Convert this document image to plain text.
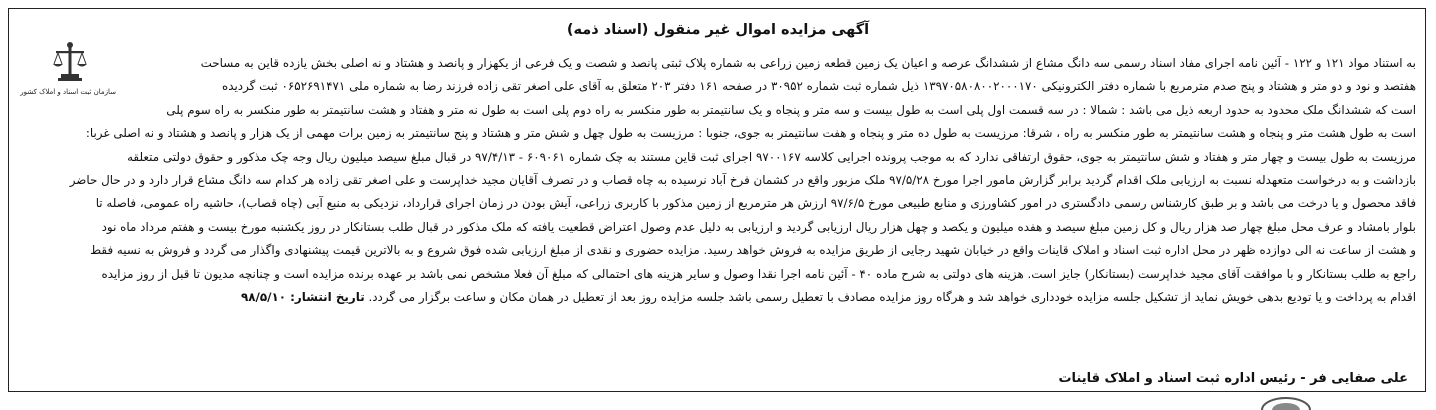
آگهی مزایده اموال غیر منقول (اسناد ذمه)
سازمان ثبت اسناد و املاک کشور
به استناد مواد ۱۲۱ و ۱۲۲ - آئین نامه اجرای مفاد اسناد رسمی سه دانگ مشاع از ششدانگ عرصه و اعیان یک زمین قطعه زمین زراعی به شماره پلاک ثبتی پانصد و شصت و یک فرعی از یکهزار و پانصد و هشتاد و نه اصلی بخش یازده قاین به مساحت
هفتصد و نود و دو متر و هشتاد و پنج صدم مترمربع با شماره دفتر الکترونیکی ۱۳۹۷۰۵۸۰۸۰۰۲۰۰۰۱۷۰ ذیل شماره ثبت شماره ۳۰۹۵۲ در صفحه ۱۶۱ دفتر ۲۰۳ متعلق به آقای علی اصغر تقی زاده فرزند رضا به شماره ملی ۰۶۵۲۶۹۱۴۷۱ ثبت گردیده
است که ششدانگ ملک محدود به حدود اربعه ذیل می باشد : شمالا : در سه قسمت اول پلی است به طول بیست و سه متر و پنجاه و یک سانتیمتر به طور منکسر به راه دوم پلی است به طول نه متر و هفتاد و هشت سانتیمتر به طور منکسر به راه سوم پلی
است به طول هشت متر و پنجاه و هشت سانتیمتر به طور منکسر به راه ، شرقا: مرزیست به طول ده متر و پنجاه و هفت سانتیمتر به جوی، جنوبا : مرزیست به طول چهل و شش متر و هشتاد و پنج سانتیمتر به زمین برات مهمی از یک هزار و پانصد و هشتاد و نه اصلی غربا:
مرزیست به طول بیست و چهار متر و هفتاد و شش سانتیمتر به جوی، حقوق ارتفاقی ندارد که به موجب پرونده اجرایی کلاسه ۹۷۰۰۱۶۷ اجرای ثبت قاین مستند به چک شماره ۶۰۹۰۶۱ - ۹۷/۴/۱۳ در قبال مبلغ سیصد میلیون ریال وجه چک مذکور و حقوق دولتی متعلقه
بازداشت و به درخواست متعهدله نسبت به ارزیابی ملک اقدام گردید برابر گزارش مامور اجرا مورخ ۹۷/۵/۲۸ ملک مزبور واقع در کشمان فرخ آباد نرسیده به چاه قصاب و در تصرف آقایان مجید خداپرست و علی اصغر تقی زاده هر کدام سه دانگ مشاع قرار دارد و در حال حاضر
فاقد محصول و یا درخت می باشد و بر طبق کارشناس رسمی دادگستری در امور کشاورزی و منابع طبیعی مورخ ۹۷/۶/۵ ارزش هر مترمربع از زمین مذکور با کاربری زراعی، آیش بودن در زمان اجرای قرارداد، نزدیکی به منبع آبی (چاه قصاب)، حاشیه راه عمومی، فاصله تا
بلوار بامشاد و عرف محل مبلغ چهار صد هزار ریال و کل زمین مبلغ سیصد و هفده میلیون و یکصد و چهل هزار ریال ارزیابی گردید و ارزیابی به دلیل عدم وصول اعتراض قطعیت یافته که ملک مذکور در قبال طلب بستانکار در روز یکشنبه مورخ بیست و هفتم مرداد ماه نود
و هشت از ساعت نه الی دوازده ظهر در محل اداره ثبت اسناد و املاک قاینات واقع در خیابان شهید رجایی از طریق مزایده به فروش خواهد رسید. مزایده حضوری و نقدی از مبلغ ارزیابی شده فوق شروع و به بالاترین قیمت پیشنهادی واگذار می گردد و فروش به نسیه فقط
راجع به طلب بستانکار و با موافقت آقای مجید خداپرست (بستانکار) جایز است. هزینه های دولتی به شرح ماده ۴۰ - آئین نامه اجرا نقدا وصول و سایر هزینه های احتمالی که مبلغ آن فعلا مشخص نمی باشد بر عهده برنده مزایده است و چنانچه مدیون تا قبل از روز مزایده
اقدام به پرداخت و یا تودیع بدهی خویش نماید از تشکیل جلسه مزایده خودداری خواهد شد و هرگاه روز مزایده مصادف با تعطیل رسمی باشد جلسه مزایده روز بعد از تعطیل در همان مکان و ساعت برگزار می گردد. تاریخ انتشار: ۹۸/۵/۱۰
علی صفایی فر - رئیس اداره ثبت اسناد و املاک قاینات
